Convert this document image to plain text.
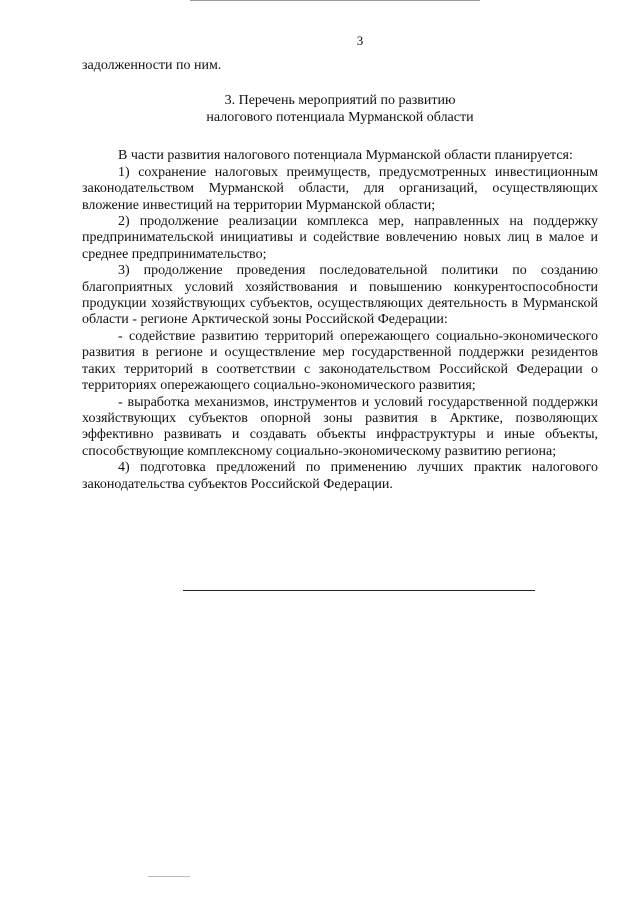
3

задолженности по ним.

3. Перечень мероприятий по развитию
налогового потенциала Мурманской области

В части развития налогового потенциала Мурманской области планируется:

1) сохранение налоговых преимуществ, предусмотренных инвестиционным законодательством Мурманской области, для организаций, осуществляющих вложение инвестиций на территории Мурманской области;

2) продолжение реализации комплекса мер, направленных на поддержку предпринимательской инициативы и содействие вовлечению новых лиц в малое и среднее предпринимательство;

3) продолжение проведения последовательной политики по созданию благоприятных условий хозяйствования и повышению конкурентоспособности продукции хозяйствующих субъектов, осуществляющих деятельность в Мурманской области - регионе Арктической зоны Российской Федерации:

- содействие развитию территорий опережающего социально-экономического развития в регионе и осуществление мер государственной поддержки резидентов таких территорий в соответствии с законодательством Российской Федерации о территориях опережающего социально-экономического развития;

- выработка механизмов, инструментов и условий государственной поддержки хозяйствующих субъектов опорной зоны развития в Арктике, позволяющих эффективно развивать и создавать объекты инфраструктуры и иные объекты, способствующие комплексному социально-экономическому развитию региона;

4) подготовка предложений по применению лучших практик налогового законодательства субъектов Российской Федерации.
